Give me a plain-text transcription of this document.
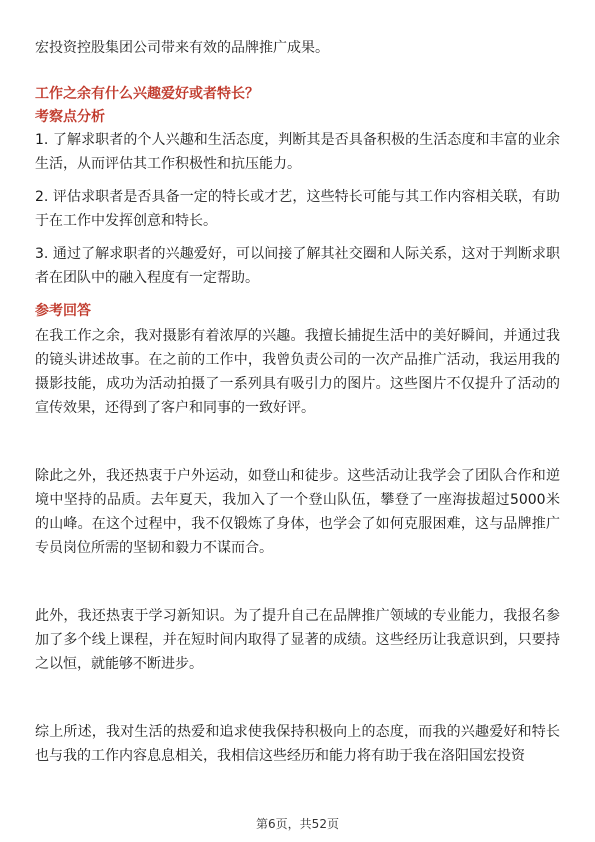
宏投资控股集团公司带来有效的品牌推广成果。

工作之余有什么兴趣爱好或者特长？
考察点分析

1. 了解求职者的个人兴趣和生活态度，判断其是否具备积极的生活态度和丰富的业余生活，从而评估其工作积极性和抗压能力。

2. 评估求职者是否具备一定的特长或才艺，这些特长可能与其工作内容相关联，有助于在工作中发挥创意和特长。

3. 通过了解求职者的兴趣爱好，可以间接了解其社交圈和人际关系，这对于判断求职者在团队中的融入程度有一定帮助。

参考回答

在我工作之余，我对摄影有着浓厚的兴趣。我擅长捕捉生活中的美好瞬间，并通过我的镜头讲述故事。在之前的工作中，我曾负责公司的一次产品推广活动，我运用我的摄影技能，成功为活动拍摄了一系列具有吸引力的图片。这些图片不仅提升了活动的宣传效果，还得到了客户和同事的一致好评。

除此之外，我还热衷于户外运动，如登山和徒步。这些活动让我学会了团队合作和逆境中坚持的品质。去年夏天，我加入了一个登山队伍，攀登了一座海拔超过5000米的山峰。在这个过程中，我不仅锻炼了身体，也学会了如何克服困难，这与品牌推广专员岗位所需的坚韧和毅力不谋而合。

此外，我还热衷于学习新知识。为了提升自己在品牌推广领域的专业能力，我报名参加了多个线上课程，并在短时间内取得了显著的成绩。这些经历让我意识到，只要持之以恒，就能够不断进步。

综上所述，我对生活的热爱和追求使我保持积极向上的态度，而我的兴趣爱好和特长也与我的工作内容息息相关，我相信这些经历和能力将有助于我在洛阳国宏投资

第6页，共52页
